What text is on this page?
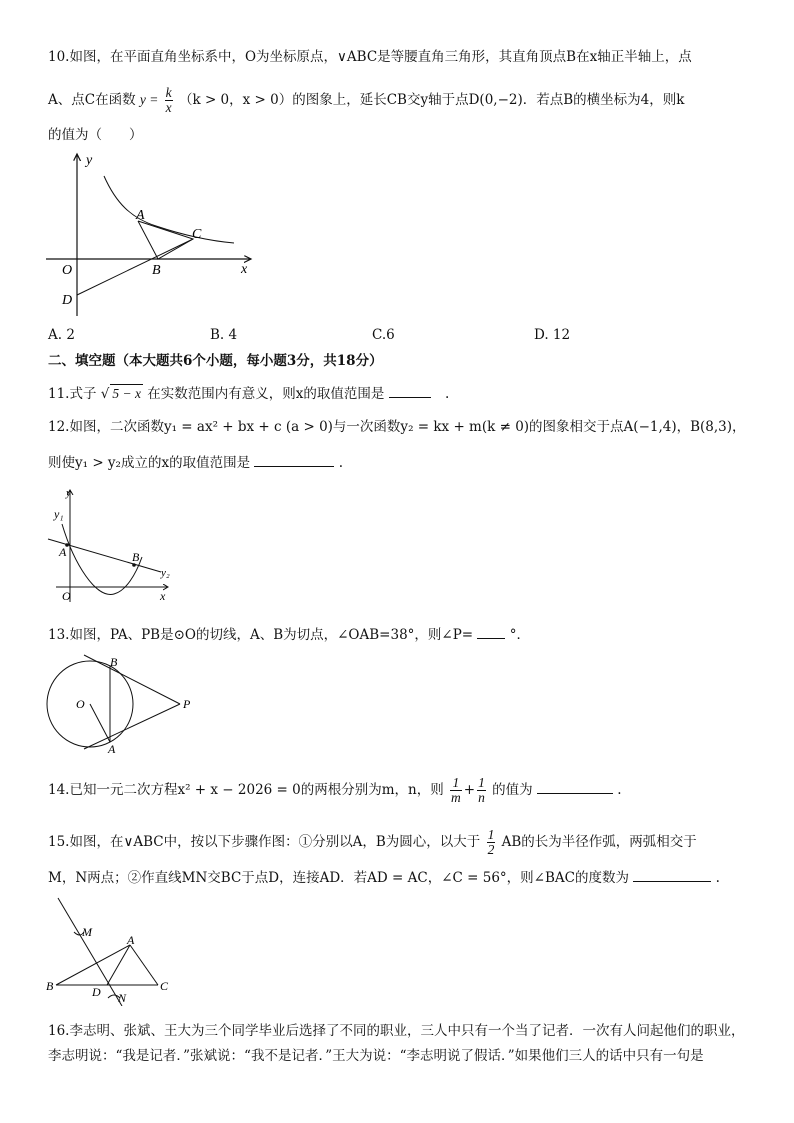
10.如图，在平面直角坐标系中，O为坐标原点，∨ABC是等腰直角三角形，其直角顶点B在x轴正半轴上，点
A、点C在函数 $y = \frac{k}{x} (k > 0$，x > 0）的图象上，延长CB交y轴于点D(0,−2)．若点B的横坐标为4，则k
的值为（　　）
y
x
O
A
B
C
D
A. 2	B. 4	C.6	D. 12
二、填空题（本大题共6个小题，每小题3分，共18分）
11.式子 √ 5 − x 在实数范围内有意义，则x的取值范围是	.
12.如图，二次函数y₁ = ax² + bx + c (a > 0)与一次函数y₂ = kx + m(k ≠ 0)的图象相交于点A(−1,4)，B(8,3)，
则使y₁ > y₂成立的x的取值范围是	.
y
y₁
A	B
y₂
O	x
13.如图，PA、PB是⊙O的切线，A、B为切点，∠OAB=38°，则∠P=	°．
B
O	P
A
14.已知一元二次方程x² + x − 2026 = 0的两根分别为m，n，则 $\frac{1}{m} + \frac{1}{n}$ 的值为	.
15.如图，在∨ABC中，按以下步骤作图：①分别以A，B为圆心，以大于 $\frac{1}{2}$ AB的长为半径作弧，两弧相交于
M，N两点；②作直线MN交BC于点D，连接AD．若AD = AC，∠C = 56°，则∠BAC的度数为	.
M
A
B	D N
C
16.李志明、张斌、王大为三个同学毕业后选择了不同的职业，三人中只有一个当了记者．一次有人问起他们的职业，
李志明说：“我是记者．”张斌说：“我不是记者．”王大为说：“李志明说了假话．”如果他们三人的话中只有一句是
